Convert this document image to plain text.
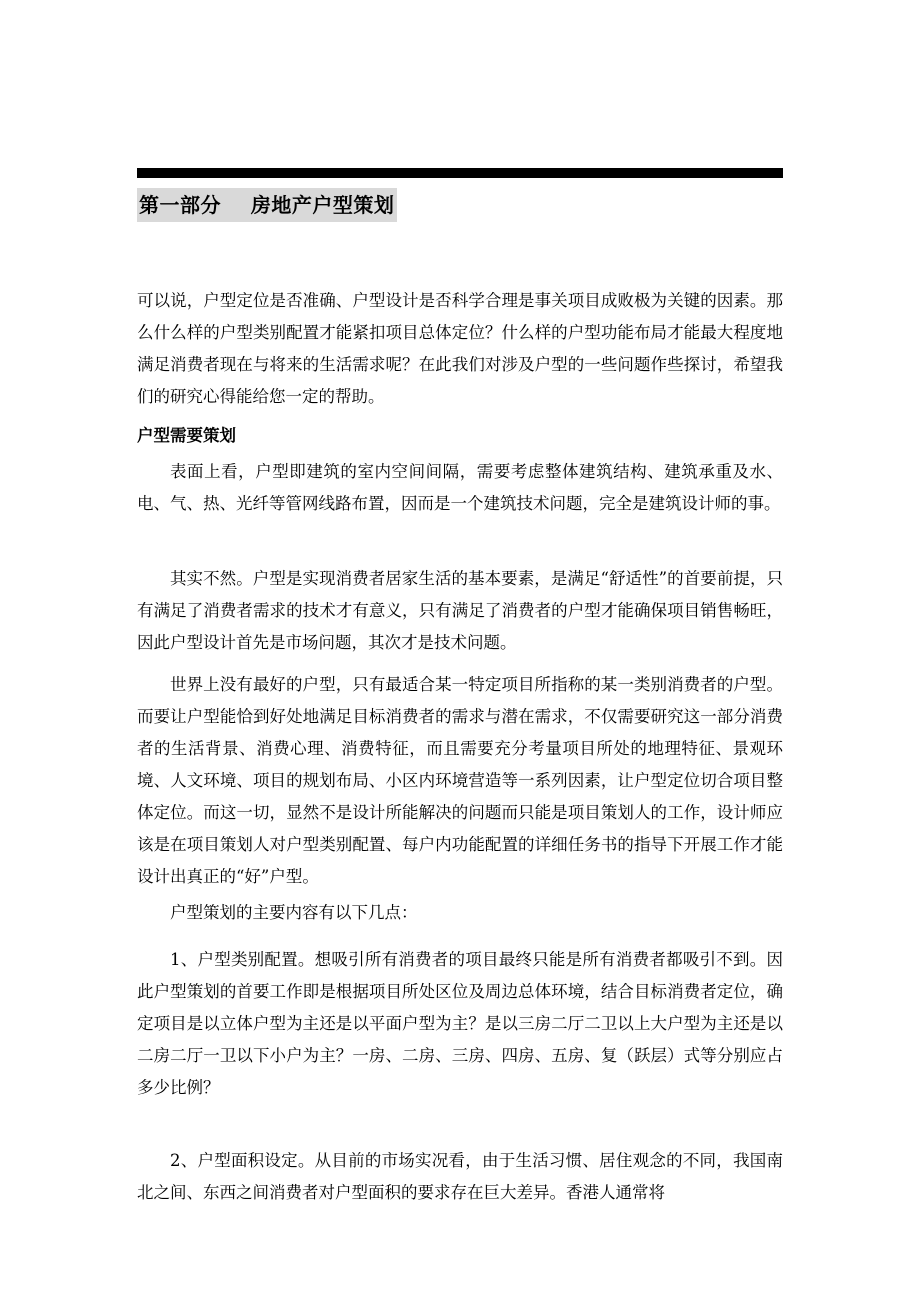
第一部分    房地产户型策划

可以说，户型定位是否准确、户型设计是否科学合理是事关项目成败极为关键的因素。那么什么样的户型类别配置才能紧扣项目总体定位？什么样的户型功能布局才能最大程度地满足消费者现在与将来的生活需求呢？在此我们对涉及户型的一些问题作些探讨，希望我们的研究心得能给您一定的帮助。

户型需要策划

表面上看，户型即建筑的室内空间间隔，需要考虑整体建筑结构、建筑承重及水、电、气、热、光纤等管网线路布置，因而是一个建筑技术问题，完全是建筑设计师的事。

其实不然。户型是实现消费者居家生活的基本要素，是满足“舒适性”的首要前提，只有满足了消费者需求的技术才有意义，只有满足了消费者的户型才能确保项目销售畅旺，因此户型设计首先是市场问题，其次才是技术问题。

世界上没有最好的户型，只有最适合某一特定项目所指称的某一类别消费者的户型。而要让户型能恰到好处地满足目标消费者的需求与潜在需求，不仅需要研究这一部分消费者的生活背景、消费心理、消费特征，而且需要充分考量项目所处的地理特征、景观环境、人文环境、项目的规划布局、小区内环境营造等一系列因素，让户型定位切合项目整体定位。而这一切，显然不是设计所能解决的问题而只能是项目策划人的工作，设计师应该是在项目策划人对户型类别配置、每户内功能配置的详细任务书的指导下开展工作才能设计出真正的“好”户型。

户型策划的主要内容有以下几点：

1、户型类别配置。想吸引所有消费者的项目最终只能是所有消费者都吸引不到。因此户型策划的首要工作即是根据项目所处区位及周边总体环境，结合目标消费者定位，确定项目是以立体户型为主还是以平面户型为主？是以三房二厅二卫以上大户型为主还是以二房二厅一卫以下小户为主？一房、二房、三房、四房、五房、复（跃层）式等分别应占多少比例？

2、户型面积设定。从目前的市场实况看，由于生活习惯、居住观念的不同，我国南北之间、东西之间消费者对户型面积的要求存在巨大差异。香港人通常将
